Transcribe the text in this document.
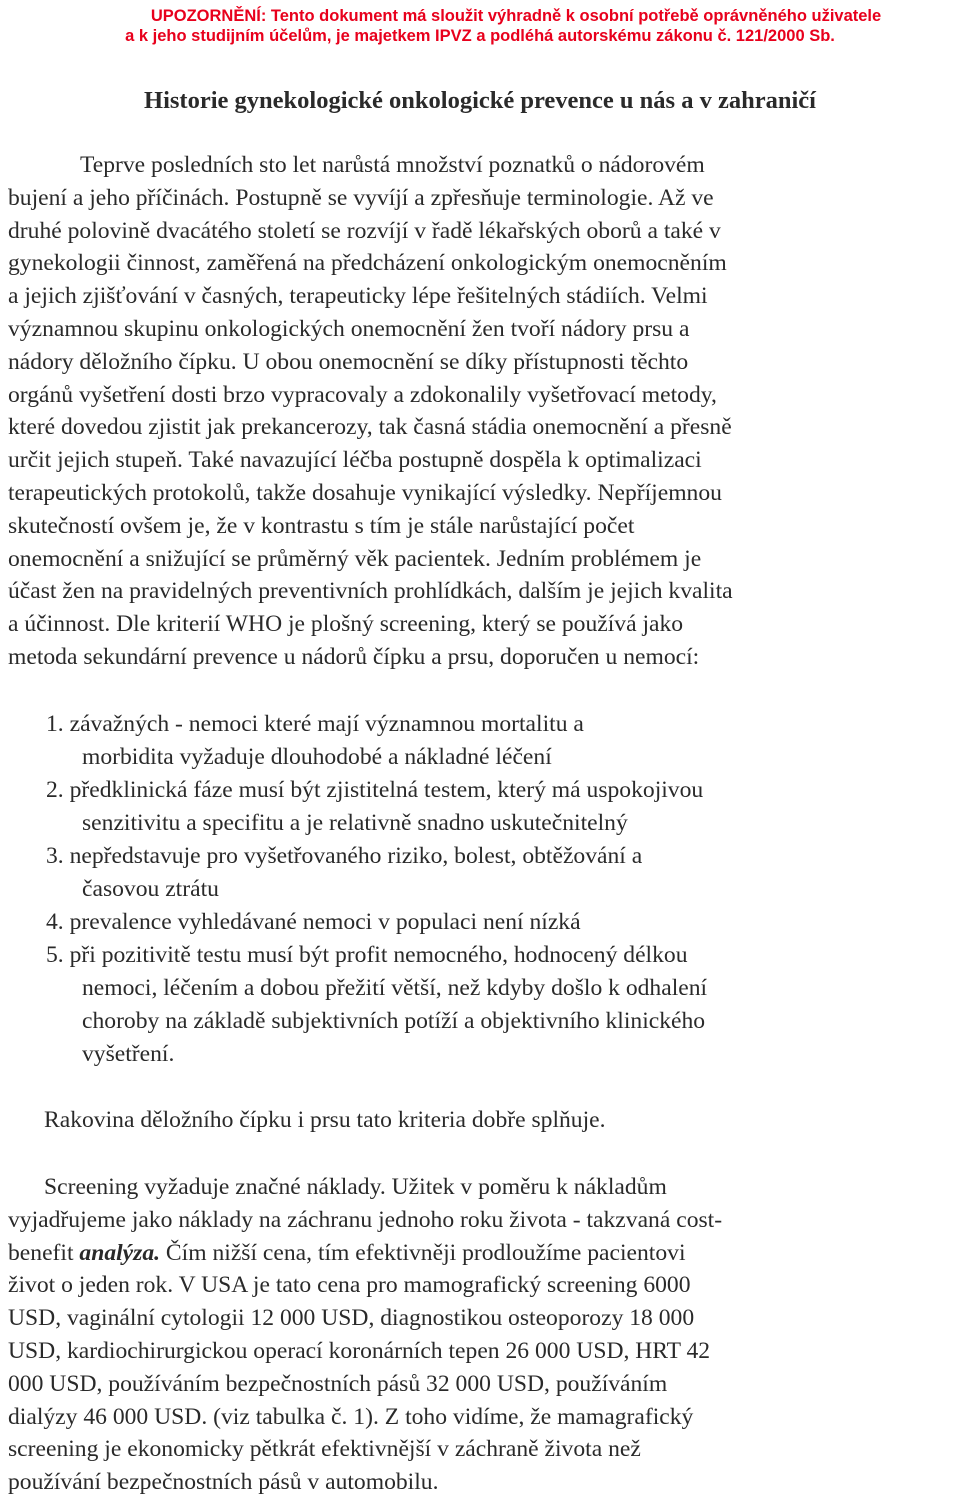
UPOZORNĚNÍ: Tento dokument má sloužit výhradně k osobní potřebě oprávněného uživatele
a k jeho studijním účelům, je majetkem IPVZ a podléhá autorskému zákonu č. 121/2000 Sb.
Historie gynekologické onkologické prevence u nás a v zahraničí
Teprve posledních sto let narůstá množství poznatků o nádorovém
bujení a jeho příčinách. Postupně se vyvíjí a zpřesňuje terminologie. Až ve
druhé polovině dvacátého století se rozvíjí v řadě lékařských oborů a také v
gynekologii činnost, zaměřená na předcházení onkologickým onemocněním
a jejich zjišťování v časných, terapeuticky lépe řešitelných stádiích. Velmi
významnou skupinu onkologických onemocnění žen tvoří nádory prsu a
nádory děložního čípku. U obou onemocnění se díky přístupnosti těchto
orgánů vyšetření dosti brzo vypracovaly a zdokonalily vyšetřovací metody,
které dovedou zjistit jak prekancerozy, tak časná stádia onemocnění a přesně
určit jejich stupeň. Také navazující léčba postupně dospěla k optimalizaci
terapeutických protokolů, takže dosahuje vynikající výsledky. Nepříjemnou
skutečností ovšem je, že v kontrastu s tím je stále narůstající počet
onemocnění a snižující se průměrný věk pacientek. Jedním problémem je
účast žen na pravidelných preventivních prohlídkách, dalším je jejich kvalita
a účinnost. Dle kriterií WHO je plošný screening, který se používá jako
metoda sekundární prevence u nádorů čípku a prsu, doporučen u nemocí:
1. závažných - nemoci které mají významnou mortalitu a
morbidita vyžaduje dlouhodobé a nákladné léčení
2. předklinická fáze musí být zjistitelná testem, který má uspokojivou
senzitivitu a specifitu a je relativně snadno uskutečnitelný
3. nepředstavuje pro vyšetřovaného riziko, bolest, obtěžování a
časovou ztrátu
4. prevalence vyhledávané nemoci v populaci není nízká
5. při pozitivitě testu musí být profit nemocného, hodnocený délkou
nemoci, léčením a dobou přežití větší, než kdyby došlo k odhalení
choroby na základě subjektivních potíží a objektivního klinického
vyšetření.
Rakovina děložního čípku i prsu tato kriteria dobře splňuje.
Screening vyžaduje značné náklady. Užitek v poměru k nákladům
vyjadřujeme jako náklady na záchranu jednoho roku života - takzvaná cost-
benefit analýza. Čím nižší cena, tím efektivněji prodloužíme pacientovi
život o jeden rok. V USA je tato cena pro mamografický screening 6000
USD, vaginální cytologii 12 000 USD, diagnostikou osteoporozy 18 000
USD, kardiochirurgickou operací koronárních tepen 26 000 USD, HRT 42
000 USD, používáním bezpečnostních pásů 32 000 USD, používáním
dialýzy 46 000 USD. (viz tabulka č. 1). Z toho vidíme, že mamagrafický
screening je ekonomicky pětkrát efektivnější v záchraně života než
používání bezpečnostních pásů v automobilu.
